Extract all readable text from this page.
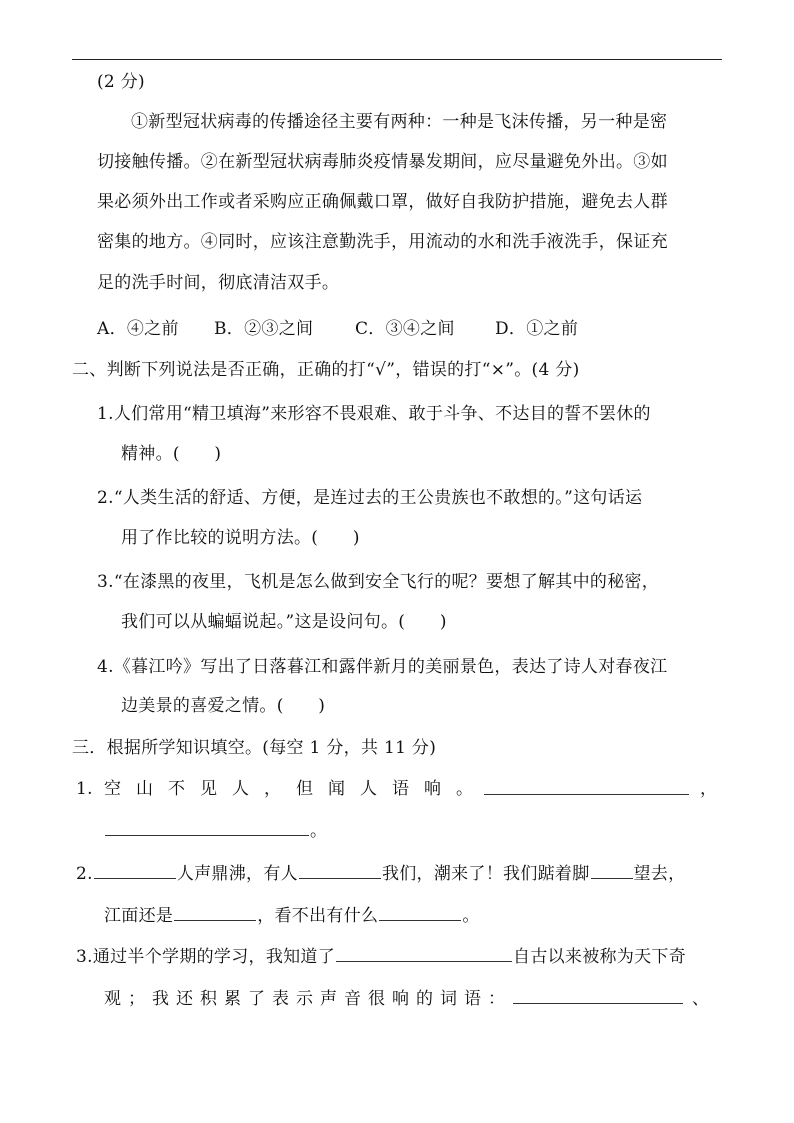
(2 分)
①新型冠状病毒的传播途径主要有两种：一种是飞沫传播，另一种是密
切接触传播。②在新型冠状病毒肺炎疫情暴发期间，应尽量避免外出。③如
果必须外出工作或者采购应正确佩戴口罩，做好自我防护措施，避免去人群
密集的地方。④同时，应该注意勤洗手，用流动的水和洗手液洗手，保证充
足的洗手时间，彻底清洁双手。
A．④之前 B．②③之间 C．③④之间 D．①之前
二、判断下列说法是否正确，正确的打“√”，错误的打“×”。(4 分)
1.人们常用“精卫填海”来形容不畏艰难、敢于斗争、不达目的誓不罢休的
精神。(　　)
2.“人类生活的舒适、方便，是连过去的王公贵族也不敢想的。”这句话运
用了作比较的说明方法。(　　)
3.“在漆黑的夜里，飞机是怎么做到安全飞行的呢？要想了解其中的秘密，
我们可以从蝙蝠说起。”这是设问句。(　　)
4.《暮江吟》写出了日落暮江和露伴新月的美丽景色，表达了诗人对春夜江
边美景的喜爱之情。(　　)
三．根据所学知识填空。(每空 1 分，共 11 分)
1. 空山不见人，但闻人语响。	，
。
2.	人声鼎沸，有人	我们，潮来了！我们踮着脚	望去，
江面还是	，看不出有什么	。
3.通过半个学期的学习，我知道了	自古以来被称为天下奇
观；我还积累了表示声音很响的词语：	、
